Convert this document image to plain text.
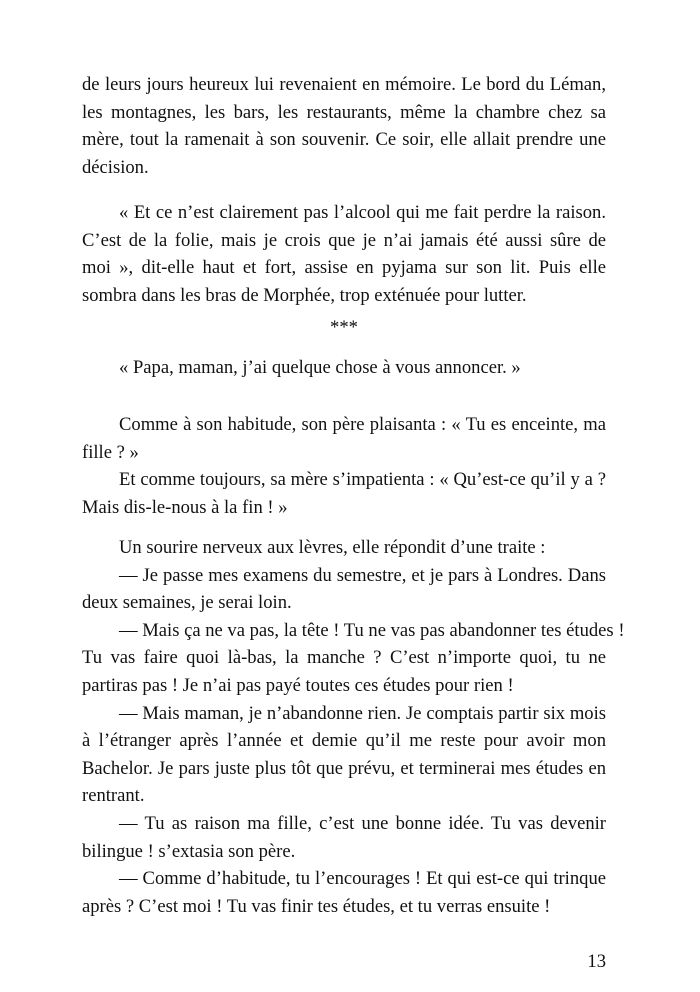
de leurs jours heureux lui revenaient en mémoire. Le bord du Léman,
les montagnes, les bars, les restaurants, même la chambre chez sa
mère, tout la ramenait à son souvenir. Ce soir, elle allait prendre une
décision.
« Et ce n’est clairement pas l’alcool qui me fait perdre la raison.
C’est de la folie, mais je crois que je n’ai jamais été aussi sûre de
moi », dit-elle haut et fort, assise en pyjama sur son lit. Puis elle
sombra dans les bras de Morphée, trop exténuée pour lutter.
***
« Papa, maman, j’ai quelque chose à vous annoncer. »
Comme à son habitude, son père plaisanta : « Tu es enceinte, ma
fille ? »
Et comme toujours, sa mère s’impatienta : « Qu’est-ce qu’il y a ?
Mais dis-le-nous à la fin ! »
Un sourire nerveux aux lèvres, elle répondit d’une traite :
— Je passe mes examens du semestre, et je pars à Londres. Dans
deux semaines, je serai loin.
— Mais ça ne va pas, la tête ! Tu ne vas pas abandonner tes études !
Tu vas faire quoi là-bas, la manche ? C’est n’importe quoi, tu ne
partiras pas ! Je n’ai pas payé toutes ces études pour rien !
— Mais maman, je n’abandonne rien. Je comptais partir six mois
à l’étranger après l’année et demie qu’il me reste pour avoir mon
Bachelor. Je pars juste plus tôt que prévu, et terminerai mes études en
rentrant.
— Tu as raison ma fille, c’est une bonne idée. Tu vas devenir
bilingue ! s’extasia son père.
— Comme d’habitude, tu l’encourages ! Et qui est-ce qui trinque
après ? C’est moi ! Tu vas finir tes études, et tu verras ensuite !
13
